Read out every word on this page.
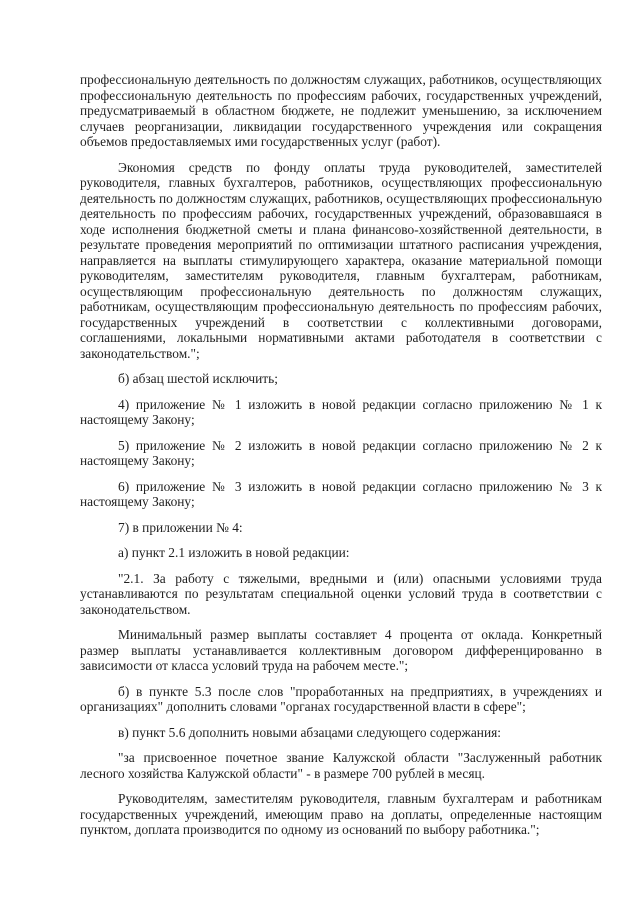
профессиональную деятельность по должностям служащих, работников, осуществляющих профессиональную деятельность по профессиям рабочих, государственных учреждений, предусматриваемый в областном бюджете, не подлежит уменьшению, за исключением случаев реорганизации, ликвидации государственного учреждения или сокращения объемов предоставляемых ими государственных услуг (работ).

Экономия средств по фонду оплаты труда руководителей, заместителей руководителя, главных бухгалтеров, работников, осуществляющих профессиональную деятельность по должностям служащих, работников, осуществляющих профессиональную деятельность по профессиям рабочих, государственных учреждений, образовавшаяся в ходе исполнения бюджетной сметы и плана финансово-хозяйственной деятельности, в результате проведения мероприятий по оптимизации штатного расписания учреждения, направляется на выплаты стимулирующего характера, оказание материальной помощи руководителям, заместителям руководителя, главным бухгалтерам, работникам, осуществляющим профессиональную деятельность по должностям служащих, работникам, осуществляющим профессиональную деятельность по профессиям рабочих, государственных учреждений в соответствии с коллективными договорами, соглашениями, локальными нормативными актами работодателя в соответствии с законодательством.";

б) абзац шестой исключить;

4) приложение № 1 изложить в новой редакции согласно приложению № 1 к настоящему Закону;

5) приложение № 2 изложить в новой редакции согласно приложению № 2 к настоящему Закону;

6) приложение № 3 изложить в новой редакции согласно приложению № 3 к настоящему Закону;

7) в приложении № 4:

а) пункт 2.1 изложить в новой редакции:

"2.1. За работу с тяжелыми, вредными и (или) опасными условиями труда устанавливаются по результатам специальной оценки условий труда в соответствии с законодательством.

Минимальный размер выплаты составляет 4 процента от оклада. Конкретный размер выплаты устанавливается коллективным договором дифференцированно в зависимости от класса условий труда на рабочем месте.";

б) в пункте 5.3 после слов "проработанных на предприятиях, в учреждениях и организациях" дополнить словами "органах государственной власти в сфере";

в) пункт 5.6 дополнить новыми абзацами следующего содержания:

"за присвоенное почетное звание Калужской области "Заслуженный работник лесного хозяйства Калужской области" - в размере 700 рублей в месяц.

Руководителям, заместителям руководителя, главным бухгалтерам и работникам государственных учреждений, имеющим право на доплаты, определенные настоящим пунктом, доплата производится по одному из оснований по выбору работника.";
